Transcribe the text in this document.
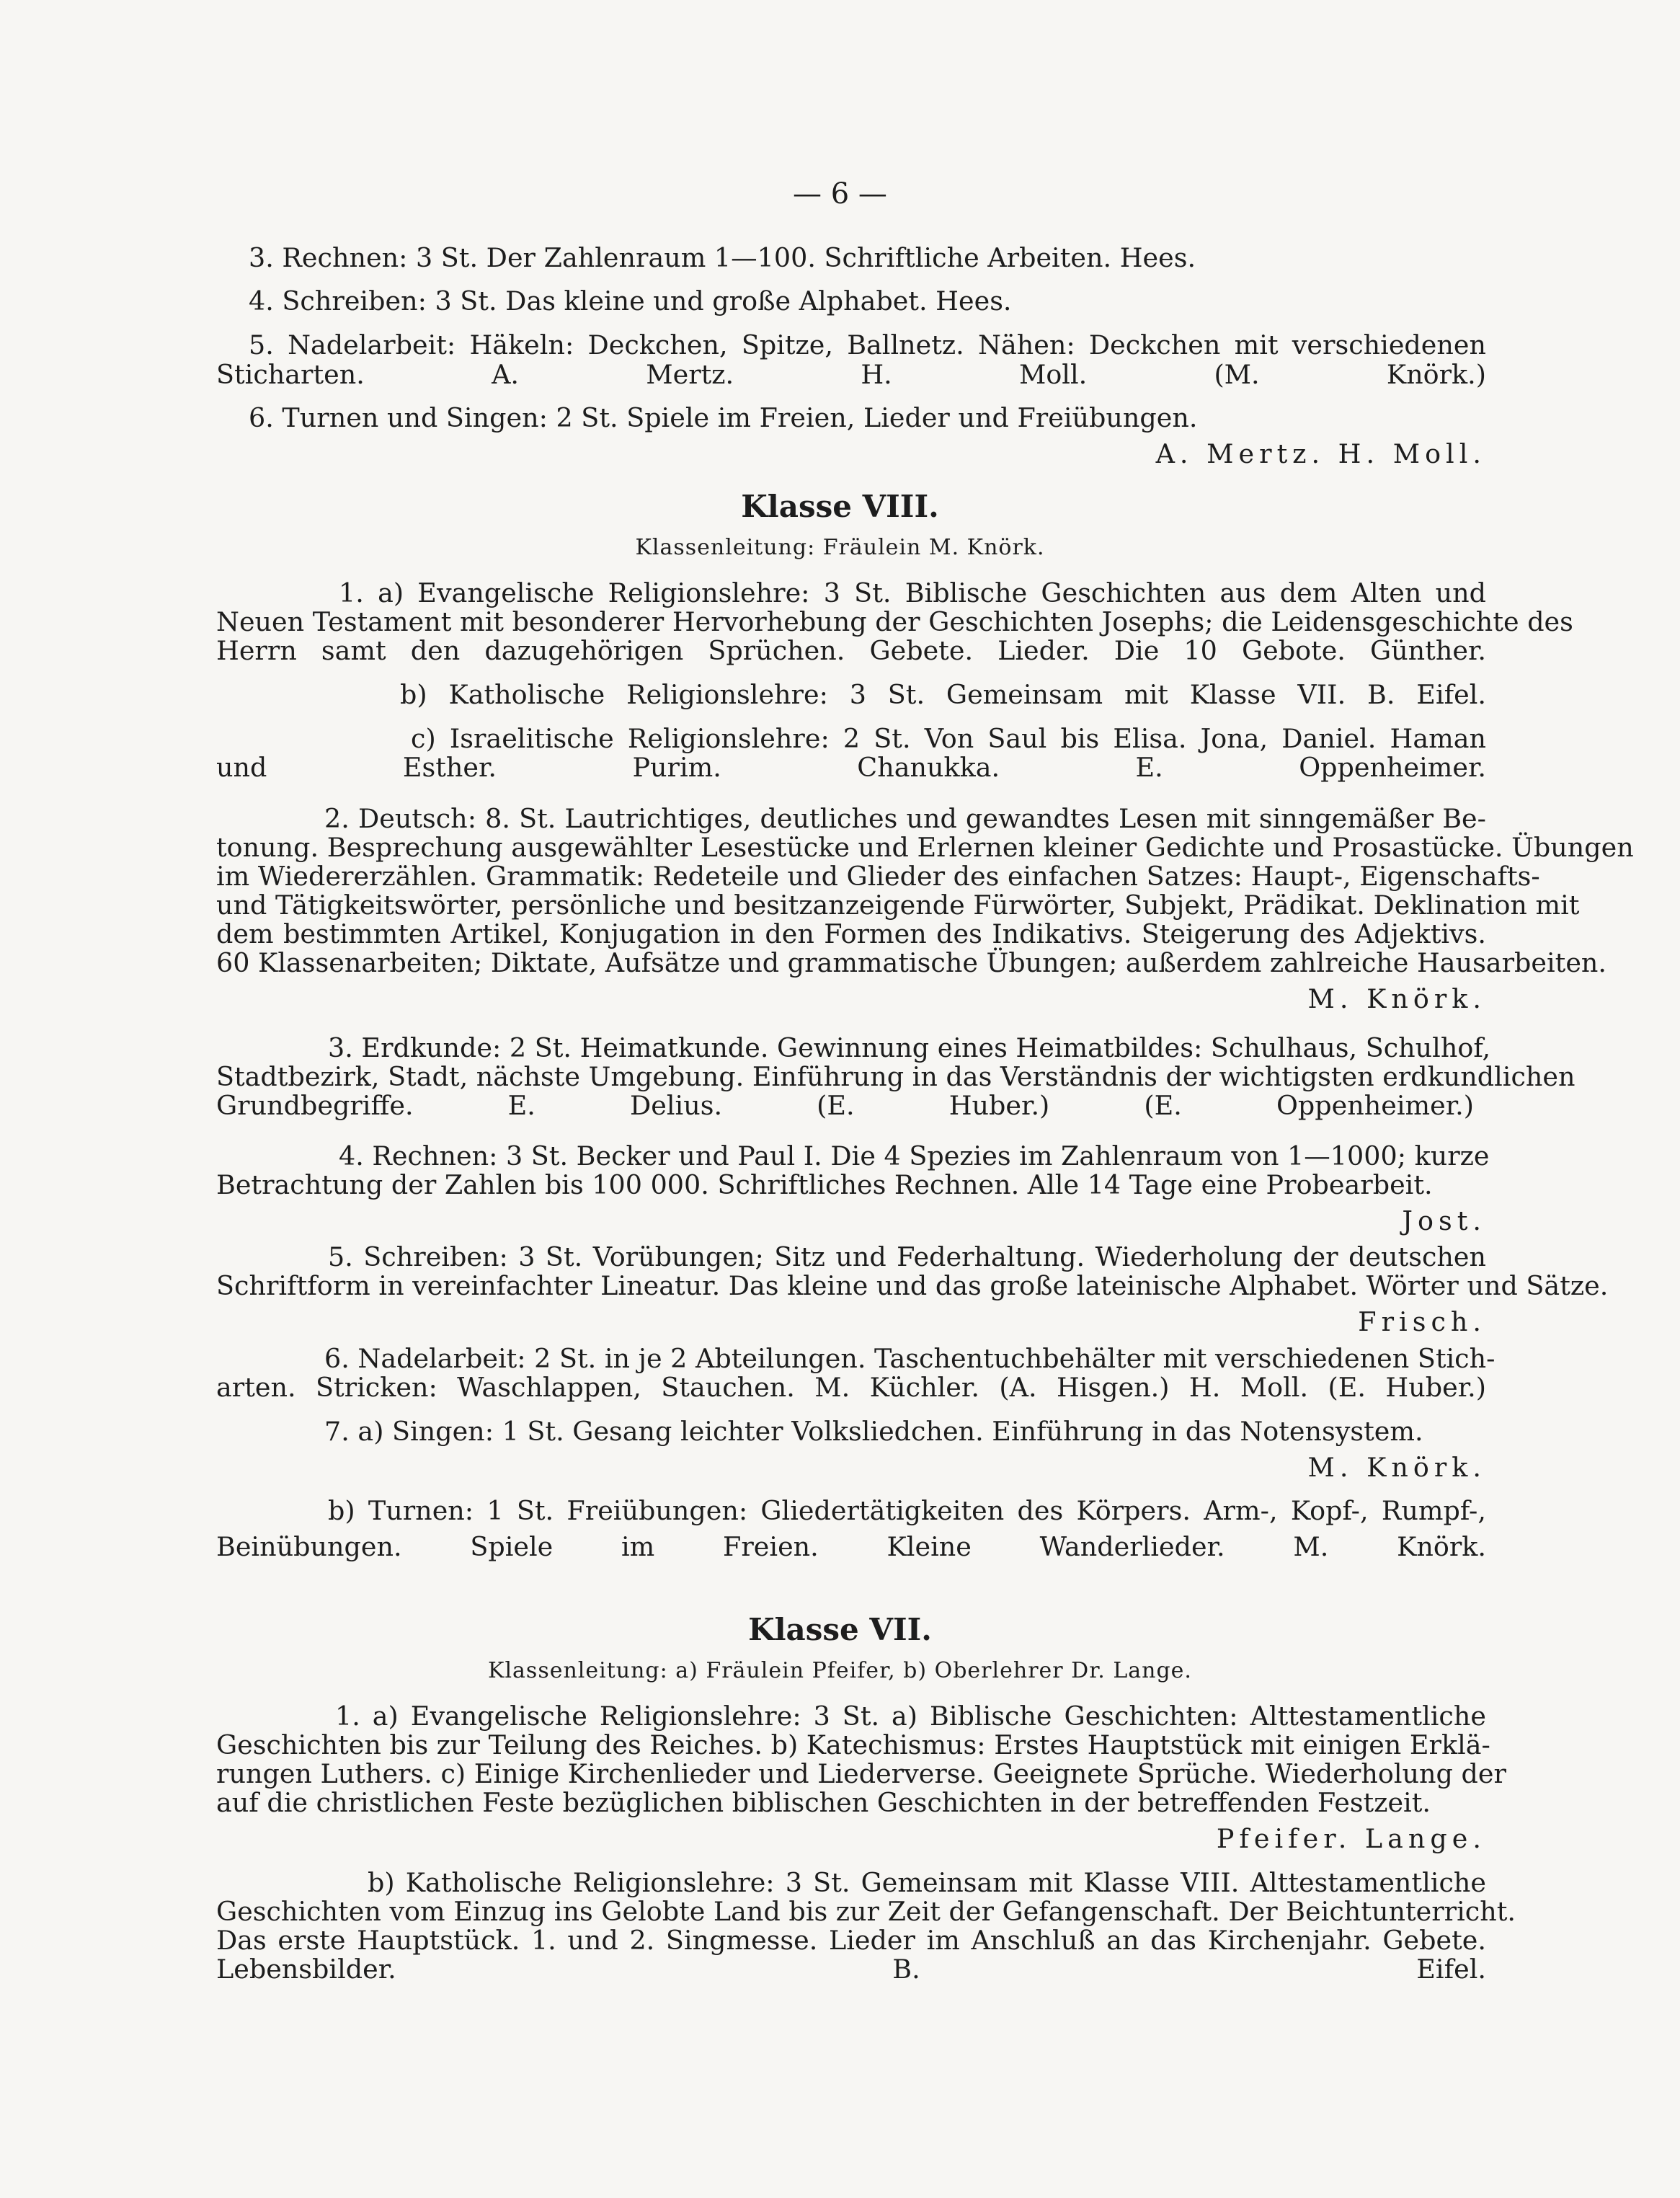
— 6 —
3. Rechnen: 3 St. Der Zahlenraum 1—100. Schriftliche Arbeiten. Hees.
4. Schreiben: 3 St. Das kleine und große Alphabet. Hees.
5. Nadelarbeit: Häkeln: Deckchen, Spitze, Ballnetz. Nähen: Deckchen mit verschiedenen
Sticharten. A. Mertz. H. Moll. (M. Knörk.)
6. Turnen und Singen: 2 St. Spiele im Freien, Lieder und Freiübungen.
A. Mertz. H. Moll.
Klasse VIII.
Klassenleitung: Fräulein M. Knörk.
1. a) Evangelische Religionslehre: 3 St. Biblische Geschichten aus dem Alten und
Neuen Testament mit besonderer Hervorhebung der Geschichten Josephs; die Leidensgeschichte des
Herrn samt den dazugehörigen Sprüchen. Gebete. Lieder. Die 10 Gebote. Günther.
b) Katholische Religionslehre: 3 St. Gemeinsam mit Klasse VII. B. Eifel.
c) Israelitische Religionslehre: 2 St. Von Saul bis Elisa. Jona, Daniel. Haman
und Esther. Purim. Chanukka. E. Oppenheimer.
2. Deutsch: 8. St. Lautrichtiges, deutliches und gewandtes Lesen mit sinngemäßer Be-
tonung. Besprechung ausgewählter Lesestücke und Erlernen kleiner Gedichte und Prosastücke. Übungen
im Wiedererzählen. Grammatik: Redeteile und Glieder des einfachen Satzes: Haupt-, Eigenschafts-
und Tätigkeitswörter, persönliche und besitzanzeigende Fürwörter, Subjekt, Prädikat. Deklination mit
dem bestimmten Artikel, Konjugation in den Formen des Indikativs. Steigerung des Adjektivs.
60 Klassenarbeiten; Diktate, Aufsätze und grammatische Übungen; außerdem zahlreiche Hausarbeiten.
M. Knörk.
3. Erdkunde: 2 St. Heimatkunde. Gewinnung eines Heimatbildes: Schulhaus, Schulhof,
Stadtbezirk, Stadt, nächste Umgebung. Einführung in das Verständnis der wichtigsten erdkundlichen
Grundbegriffe. E. Delius. (E. Huber.) (E. Oppenheimer.)
4. Rechnen: 3 St. Becker und Paul I. Die 4 Spezies im Zahlenraum von 1—1000; kurze
Betrachtung der Zahlen bis 100 000. Schriftliches Rechnen. Alle 14 Tage eine Probearbeit.
Jost.
5. Schreiben: 3 St. Vorübungen; Sitz und Federhaltung. Wiederholung der deutschen
Schriftform in vereinfachter Lineatur. Das kleine und das große lateinische Alphabet. Wörter und Sätze.
Frisch.
6. Nadelarbeit: 2 St. in je 2 Abteilungen. Taschentuchbehälter mit verschiedenen Stich-
arten. Stricken: Waschlappen, Stauchen. M. Küchler. (A. Hisgen.) H. Moll. (E. Huber.)
7. a) Singen: 1 St. Gesang leichter Volksliedchen. Einführung in das Notensystem.
M. Knörk.
b) Turnen: 1 St. Freiübungen: Gliedertätigkeiten des Körpers. Arm-, Kopf-, Rumpf-,
Beinübungen. Spiele im Freien. Kleine Wanderlieder. M. Knörk.
Klasse VII.
Klassenleitung: a) Fräulein Pfeifer, b) Oberlehrer Dr. Lange.
1. a) Evangelische Religionslehre: 3 St. a) Biblische Geschichten: Alttestamentliche
Geschichten bis zur Teilung des Reiches. b) Katechismus: Erstes Hauptstück mit einigen Erklä-
rungen Luthers. c) Einige Kirchenlieder und Liederverse. Geeignete Sprüche. Wiederholung der
auf die christlichen Feste bezüglichen biblischen Geschichten in der betreffenden Festzeit.
Pfeifer. Lange.
b) Katholische Religionslehre: 3 St. Gemeinsam mit Klasse VIII. Alttestamentliche
Geschichten vom Einzug ins Gelobte Land bis zur Zeit der Gefangenschaft. Der Beichtunterricht.
Das erste Hauptstück. 1. und 2. Singmesse. Lieder im Anschluß an das Kirchenjahr. Gebete.
Lebensbilder. B. Eifel.
